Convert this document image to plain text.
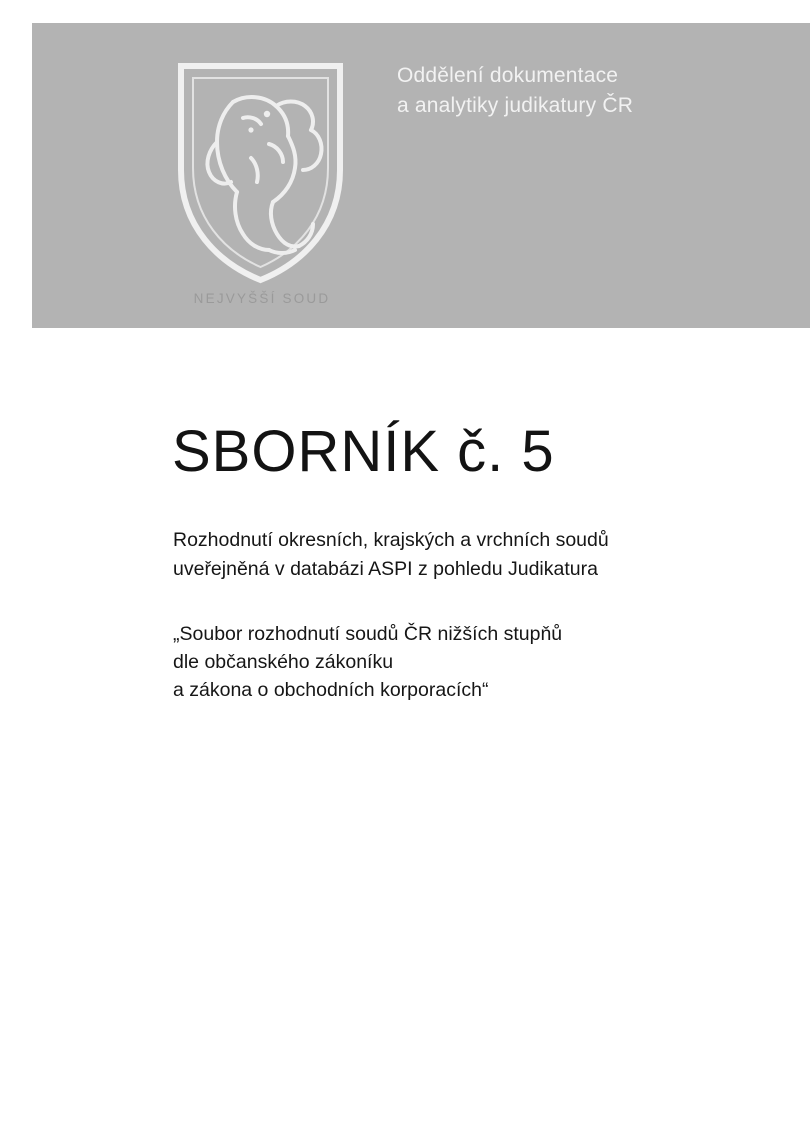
NEJVYŠŠÍ SOUD
Oddělení dokumentace
a analytiky judikatury ČR
SBORNÍK č. 5
Rozhodnutí okresních, krajských a vrchních soudů
uveřejněná v databázi ASPI z pohledu Judikatura
„Soubor rozhodnutí soudů ČR nižších stupňů
dle občanského zákoníku
a zákona o obchodních korporacích“
